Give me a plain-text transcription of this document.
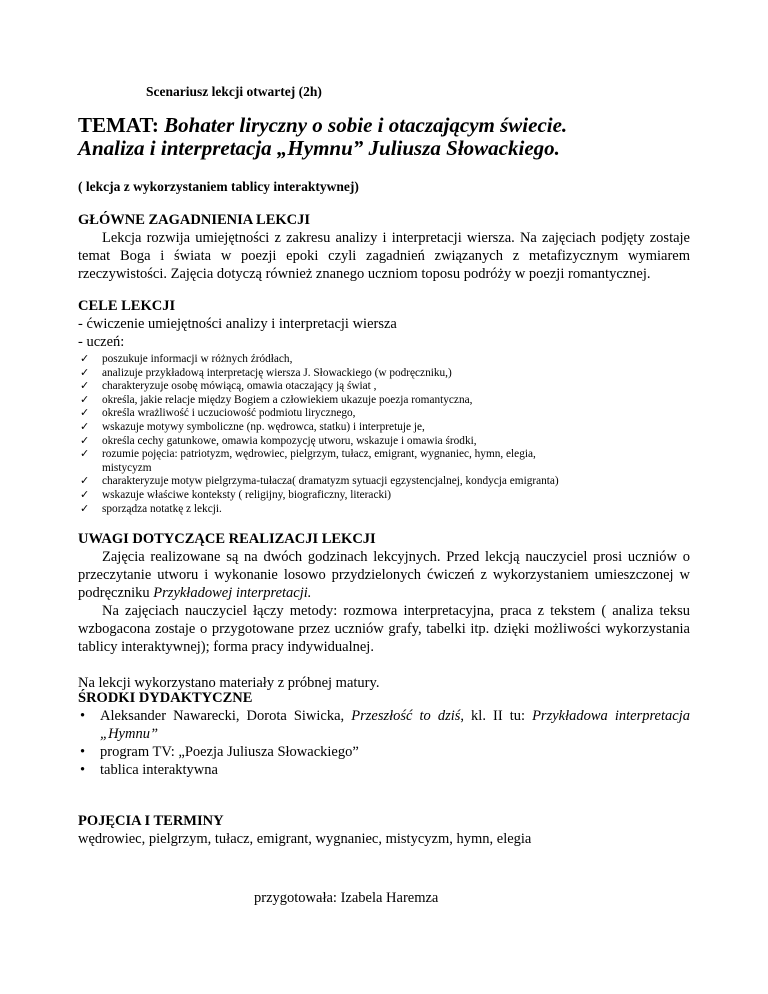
Scenariusz lekcji otwartej (2h)
TEMAT: Bohater liryczny o sobie i otaczającym świecie.
Analiza i interpretacja „Hymnu” Juliusza Słowackiego.
( lekcja z wykorzystaniem tablicy interaktywnej)
GŁÓWNE ZAGADNIENIA LEKCJI
Lekcja rozwija umiejętności z zakresu analizy i interpretacji wiersza. Na zajęciach podjęty zostaje temat Boga i świata w poezji epoki czyli zagadnień związanych z metafizycznym wymiarem rzeczywistości. Zajęcia dotyczą również znanego uczniom toposu podróży w poezji romantycznej.
CELE LEKCJI
- ćwiczenie umiejętności analizy i interpretacji wiersza
- uczeń:
✓ poszukuje informacji w różnych źródłach,
✓ analizuje przykładową interpretację wiersza J. Słowackiego (w podręczniku,)
✓ charakteryzuje osobę mówiącą, omawia otaczający ją świat ,
✓ określa, jakie relacje między Bogiem a człowiekiem ukazuje poezja romantyczna,
✓ określa wrażliwość i uczuciowość podmiotu lirycznego,
✓ wskazuje motywy symboliczne (np. wędrowca, statku) i interpretuje je,
✓ określa cechy gatunkowe, omawia kompozycję utworu, wskazuje i omawia środki,
✓ rozumie pojęcia: patriotyzm, wędrowiec, pielgrzym, tułacz, emigrant, wygnaniec, hymn, elegia, mistycyzm
✓ charakteryzuje motyw pielgrzyma-tułacza( dramatyzm sytuacji egzystencjalnej, kondycja emigranta)
✓ wskazuje właściwe konteksty ( religijny, biograficzny, literacki)
✓ sporządza notatkę z lekcji.
UWAGI DOTYCZĄCE REALIZACJI LEKCJI
Zajęcia realizowane są na dwóch godzinach lekcyjnych. Przed lekcją nauczyciel prosi uczniów o przeczytanie utworu i wykonanie losowo przydzielonych ćwiczeń z wykorzystaniem umieszczonej w podręczniku Przykładowej interpretacji.
Na zajęciach nauczyciel łączy metody: rozmowa interpretacyjna, praca z tekstem ( analiza teksu wzbogacona zostaje o przygotowane przez uczniów grafy, tabelki itp. dzięki możliwości wykorzystania tablicy interaktywnej); forma pracy indywidualnej.
Na lekcji wykorzystano materiały z próbnej matury.
ŚRODKI DYDAKTYCZNE
• Aleksander Nawarecki, Dorota Siwicka, Przeszłość to dziś, kl. II tu: Przykładowa interpretacja „Hymnu”
• program TV: „Poezja Juliusza Słowackiego”
• tablica interaktywna
POJĘCIA I TERMINY
wędrowiec, pielgrzym, tułacz, emigrant, wygnaniec, mistycyzm, hymn, elegia
przygotowała: Izabela Haremza
